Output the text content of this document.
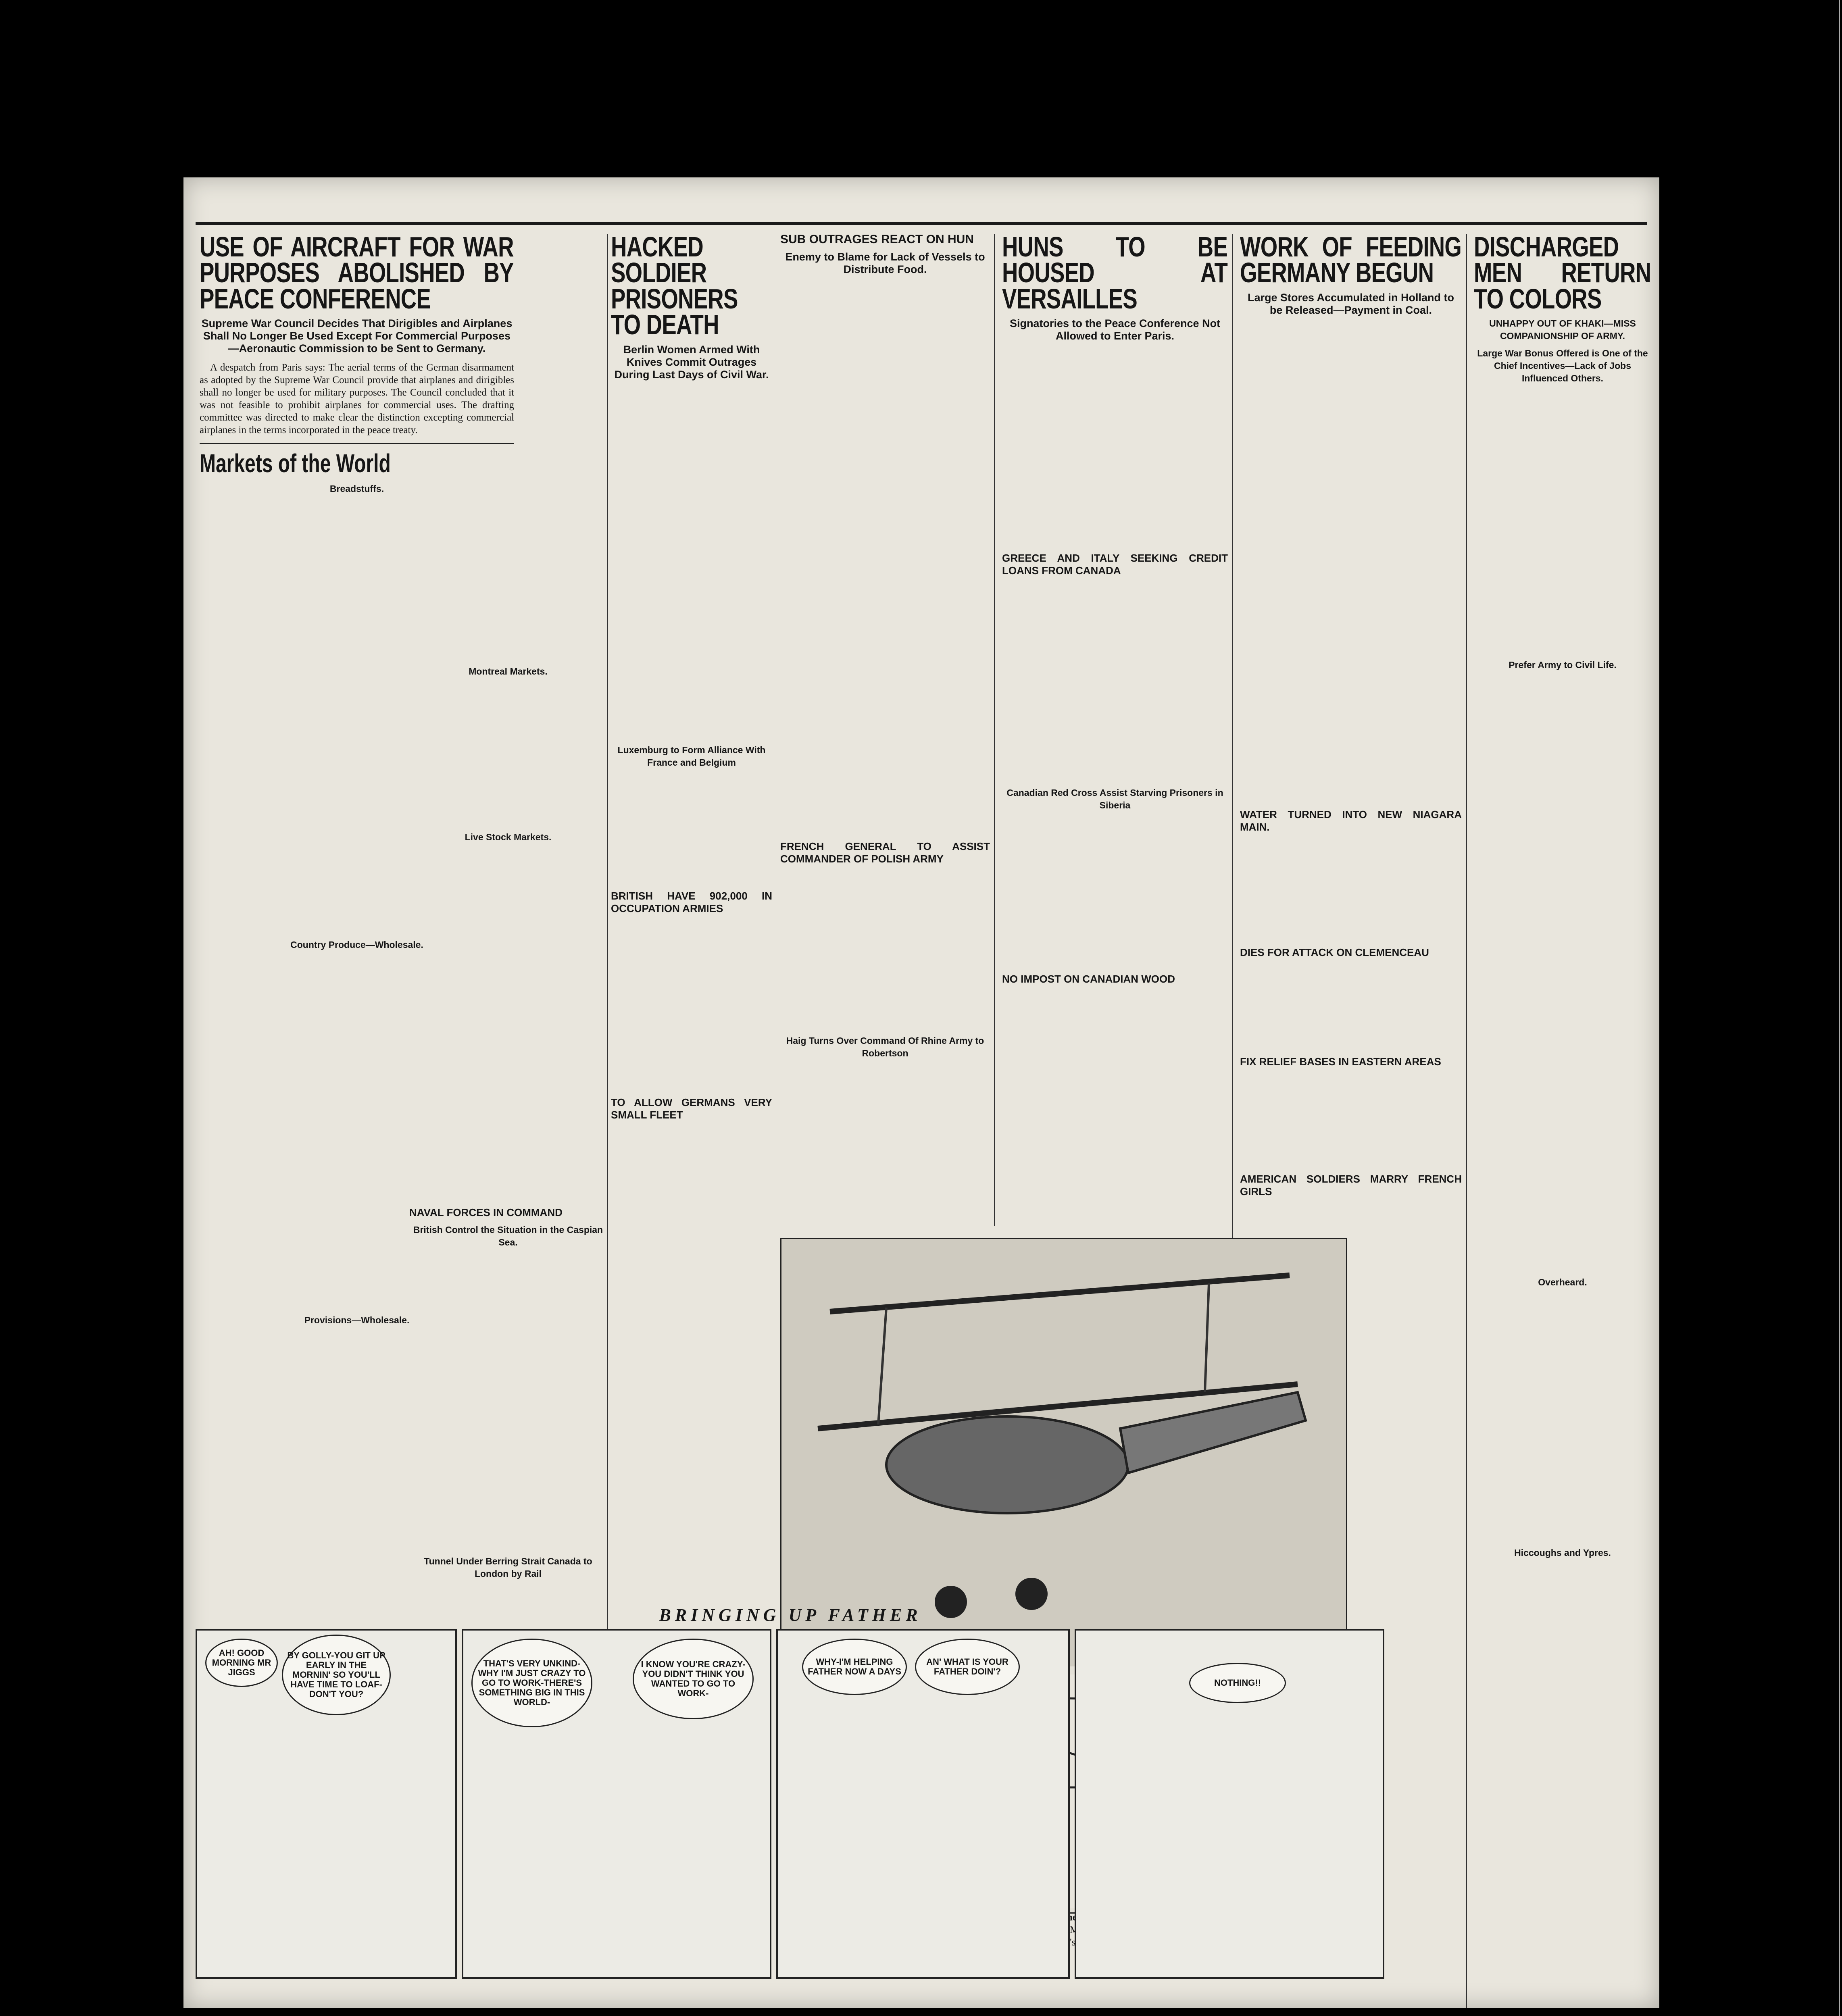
USE OF AIRCRAFT FOR WAR PURPOSES ABOLISHED BY PEACE CONFERENCE
Supreme War Council Decides That Dirigibles and Airplanes Shall No Longer Be Used Except For Commercial Purposes —Aeronautic Commission to be Sent to Germany.

A despatch from Paris says: The aerial terms of the German disarmament as adopted by the Supreme War Council provide that airplanes and dirigibles shall no longer be used for military purposes. The Council concluded that it was not feasible to prohibit airplanes for commercial uses. The drafting committee was directed to make clear the distinction excepting commercial airplanes in the terms incorporated in the peace treaty.

Markets of the World
Breadstuffs.
Country Produce—Wholesale.
Provisions—Wholesale.
HACKED SOLDIER PRISONERS TO DEATH
Berlin Women Armed With Knives Commit Outrages During Last Days of Civil War.
Luxemburg to Form Alliance With France and Belgium
BRITISH HAVE 902,000 IN OCCUPATION ARMIES
TO ALLOW GERMANS VERY SMALL FLEET
Montreal Markets.
Live Stock Markets.
NAVAL FORCES IN COMMAND
British Control the Situation in the Caspian Sea.
Tunnel Under Berring Strait Canada to London by Rail
SUB OUTRAGES REACT ON HUN
Enemy to Blame for Lack of Vessels to Distribute Food.
FRENCH GENERAL TO ASSIST COMMANDER OF POLISH ARMY
Haig Turns Over Command Of Rhine Army to Robertson
HUNS TO BE HOUSED AT VERSAILLES
Signatories to the Peace Conference Not Allowed to Enter Paris.
GREECE AND ITALY SEEKING CREDIT LOANS FROM CANADA
Canadian Red Cross Assist Starving Prisoners in Siberia
NO IMPOST ON CANADIAN WOOD
WORK OF FEEDING GERMANY BEGUN
Large Stores Accumulated in Holland to be Released—Payment in Coal.
WATER TURNED INTO NEW NIAGARA MAIN.
DIES FOR ATTACK ON CLEMENCEAU
FIX RELIEF BASES IN EASTERN AREAS
AMERICAN SOLDIERS MARRY FRENCH GIRLS
DISCHARGED MEN RETURN TO COLORS
UNHAPPY OUT OF KHAKI—MISS COMPANIONSHIP OF ARMY.
Large War Bonus Offered is One of the Chief Incentives—Lack of Jobs Influenced Others.
Prefer Army to Civil Life.
Overheard.
Hiccoughs and Ypres.
the
BRINGING UP FATHER
AH! GOOD MORNING MR JIGGS
BY GOLLY-YOU GIT UP EARLY IN THE MORNIN' SO YOU'LL HAVE TIME TO LOAF-DON'T YOU?
THAT'S VERY UNKIND-WHY I'M JUST CRAZY TO GO TO WORK-THERE'S SOMETHING BIG IN THIS WORLD-
I KNOW YOU'RE CRAZY-YOU DIDN'T THINK YOU WANTED TO GO TO WORK-
WHY-I'M HELPING FATHER NOW A DAYS
AN' WHAT IS YOUR FATHER DOIN'?
NOTHING!!
